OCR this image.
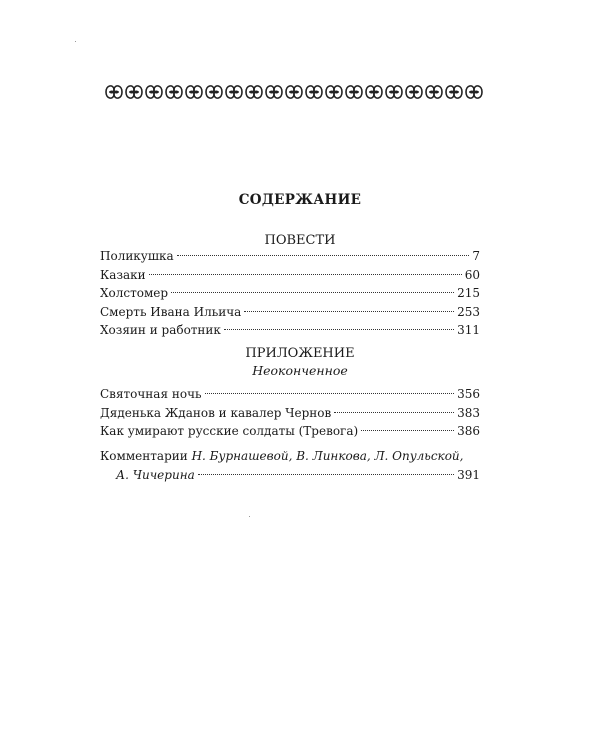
СОДЕРЖАНИЕ
ПОВЕСТИ
Поликушка	7
Казаки	60
Холстомер	215
Смерть Ивана Ильича	253
Хозяин и работник	311
ПРИЛОЖЕНИЕ
Неоконченное
Святочная ночь	356
Дяденька Жданов и кавалер Чернов	383
Как умирают русские солдаты (Тревога)	386
Комментарии Н. Бурнашевой, В. Линкова, Л. Опульской,
А. Чичерина	391
